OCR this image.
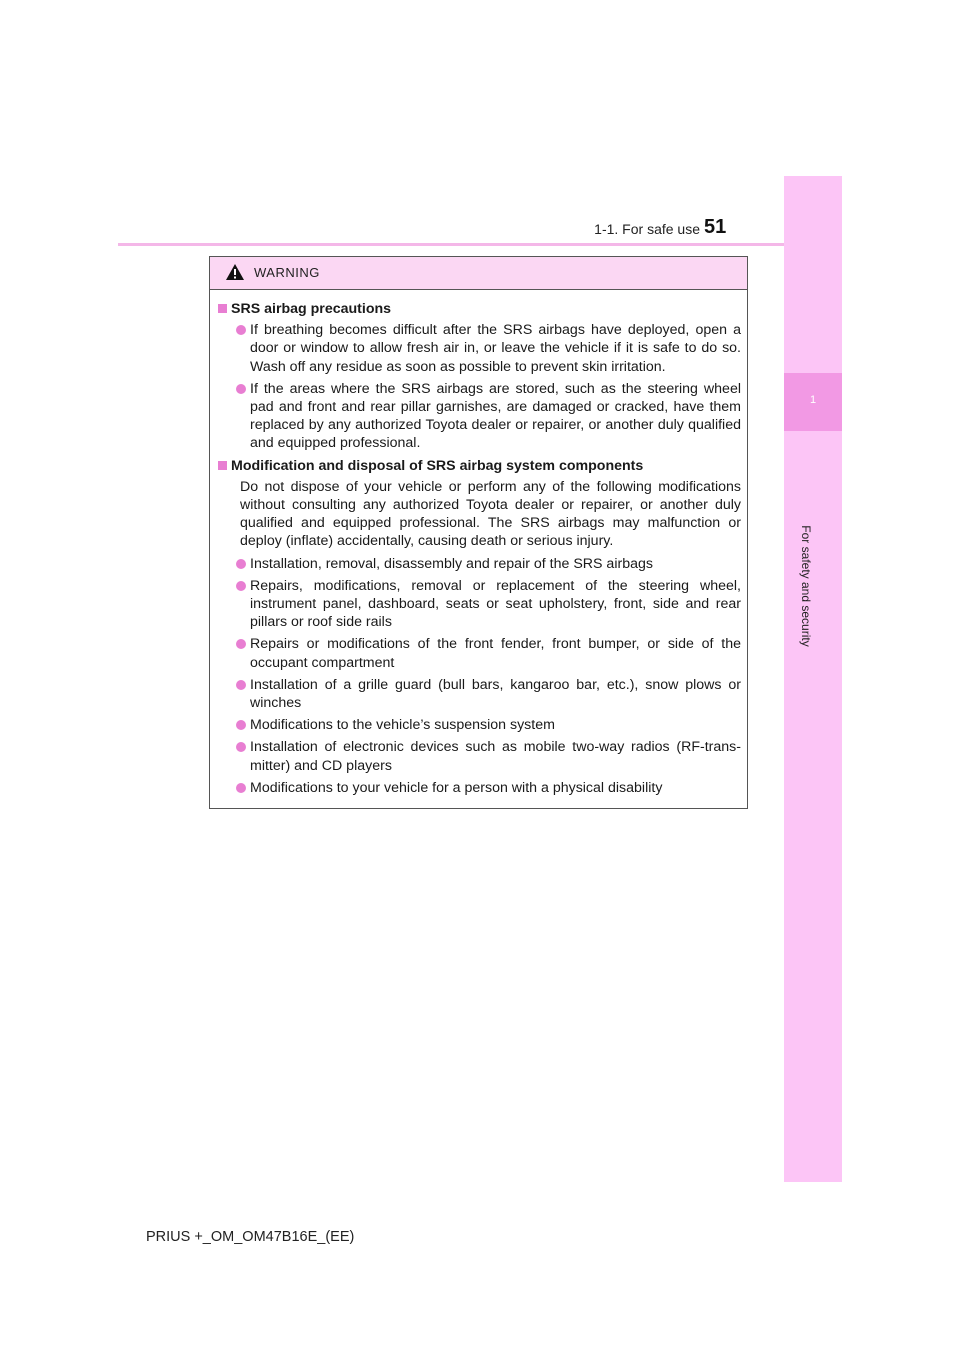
1-1. For safe use 51
1
For safety and security
WARNING
SRS airbag precautions
If breathing becomes difficult after the SRS airbags have deployed, open a door or window to allow fresh air in, or leave the vehicle if it is safe to do so. Wash off any residue as soon as possible to prevent skin irritation.
If the areas where the SRS airbags are stored, such as the steering wheel pad and front and rear pillar garnishes, are damaged or cracked, have them replaced by any authorized Toyota dealer or repairer, or another duly qualified and equipped professional.
Modification and disposal of SRS airbag system components
Do not dispose of your vehicle or perform any of the following modifications without consulting any authorized Toyota dealer or repairer, or another duly qualified and equipped professional. The SRS airbags may malfunction or deploy (inflate) accidentally, causing death or serious injury.
Installation, removal, disassembly and repair of the SRS airbags
Repairs, modifications, removal or replacement of the steering wheel, instrument panel, dashboard, seats or seat upholstery, front, side and rear pillars or roof side rails
Repairs or modifications of the front fender, front bumper, or side of the occupant compartment
Installation of a grille guard (bull bars, kangaroo bar, etc.), snow plows or winches
Modifications to the vehicle’s suspension system
Installation of electronic devices such as mobile two-way radios (RF-trans-mitter) and CD players
Modifications to your vehicle for a person with a physical disability
PRIUS +_OM_OM47B16E_(EE)
